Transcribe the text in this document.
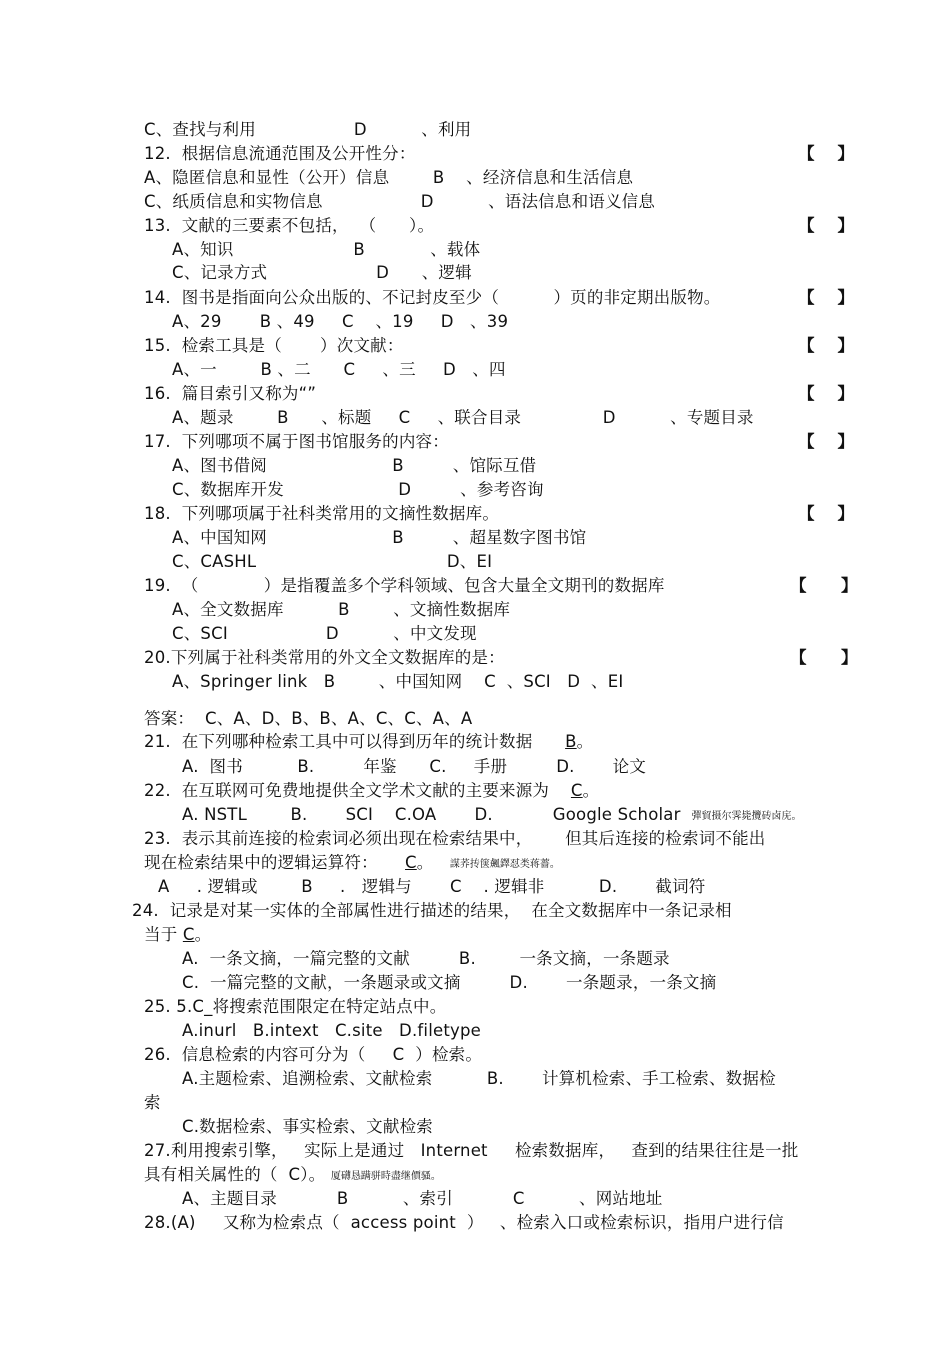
C、查找与利用                  D          、利用
12.  根据信息流通范围及公开性分：	【    】
A、隐匿信息和显性（公开）信息        B    、经济信息和生活信息
C、纸质信息和实物信息                  D          、语法信息和语义信息
13.  文献的三要素不包括，  （      ）。	【    】
A、知识                      B            、载体
C、记录方式                    D      、逻辑
14.  图书是指面向公众出版的、不记封皮至少（          ）页的非定期出版物。	【    】
A、29       B 、49     C    、19     D   、39
15.  检索工具是（       ）次文献：	【    】
A、一        B 、二      C     、三     D   、四
16.  篇目索引又称为“”	【    】
A、题录        B      、标题     C     、联合目录               D          、专题目录
17.  下列哪项不属于图书馆服务的内容：	【    】
A、图书借阅                       B         、馆际互借
C、数据库开发                     D         、参考咨询
18.  下列哪项属于社科类常用的文摘性数据库。	【    】
A、中国知网                       B         、超星数字图书馆
C、CASHL                                   D、EI
19.  （            ）是指覆盖多个学科领域、包含大量全文期刊的数据库	【      】
A、全文数据库          B        、文摘性数据库
C、SCI                  D          、中文发现
20.下列属于社科类常用的外文全文数据库的是：	【      】
A、Springer link   B        、中国知网    C  、SCI   D  、EI
答案：  C、A、D、B、B、A、C、C、A、A
21.  在下列哪种检索工具中可以得到历年的统计数据 B。
A.  图书          B.         年鉴      C.     手册         D.       论文
22.  在互联网可免费地提供全文学术文献的主要来源为 C。
A. NSTL        B.       SCI    C.OA       D.           Google Scholar 彈貿摄尔霁毙攬砖卤庑。
23.  表示其前连接的检索词必须出现在检索结果中，      但其后连接的检索词不能出
现在检索结果中的逻辑运算符： C。 謀荞抟箧飆鐸怼类蒋薔。
A     . 逻辑或        B     .   逻辑与       C    . 逻辑非          D.       截词符
24.  记录是对某一实体的全部属性进行描述的结果，  在全文数据库中一条记录相
当于 C。
A.  一条文摘，一篇完整的文献         B.        一条文摘，一条题录
C.  一篇完整的文献，一条题录或文摘         D.       一条题录，一条文摘
25. 5.C_将搜索范围限定在特定站点中。
A.inurl   B.intext   C.site   D.filetype
26.  信息检索的内容可分为（     C  ）检索。
A.主题检索、追溯检索、文献检索          B.       计算机检索、手工检索、数据检
索
C.数据检索、事实检索、文献检索
27.利用搜索引擎，   实际上是通过   Internet     检索数据库，   查到的结果往往是一批
具有相关属性的（  C）。 厦礴恳蹒骈時盡继價骚。
A、主题目录           B          、索引           C          、网站地址
28.(A)     又称为检索点（  access point  ）   、检索入口或检索标识，指用户进行信
